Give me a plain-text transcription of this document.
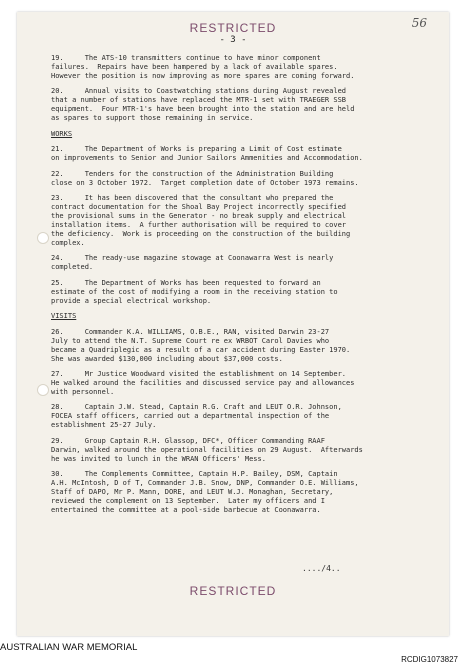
56
RESTRICTED
- 3 -
19.     The ATS-10 transmitters continue to have minor component
failures.  Repairs have been hampered by a lack of available spares.
However the position is now improving as more spares are coming forward.
20.     Annual visits to Coastwatching stations during August revealed
that a number of stations have replaced the MTR-1 set with TRAEGER SSB
equipment.  Four MTR-1's have been brought into the station and are held
as spares to support those remaining in service.
WORKS
21.     The Department of Works is preparing a Limit of Cost estimate
on improvements to Senior and Junior Sailors Ammenities and Accommodation.
22.     Tenders for the construction of the Administration Building
close on 3 October 1972.  Target completion date of October 1973 remains.
23.     It has been discovered that the consultant who prepared the
contract documentation for the Shoal Bay Project incorrectly specified
the provisional sums in the Generator - no break supply and electrical
installation items.  A further authorisation will be required to cover
the deficiency.  Work is proceeding on the construction of the building
complex.
24.     The ready-use magazine stowage at Coonawarra West is nearly
completed.
25.     The Department of Works has been requested to forward an
estimate of the cost of modifying a room in the receiving station to
provide a special electrical workshop.
VISITS
26.     Commander K.A. WILLIAMS, O.B.E., RAN, visited Darwin 23-27
July to attend the N.T. Supreme Court re ex WRBOT Carol Davies who
became a Quadriplegic as a result of a car accident during Easter 1970.
She was awarded $130,000 including about $37,000 costs.
27.     Mr Justice Woodward visited the establishment on 14 September.
He walked around the facilities and discussed service pay and allowances
with personnel.
28.     Captain J.W. Stead, Captain R.G. Craft and LEUT O.R. Johnson,
FOCEA staff officers, carried out a departmental inspection of the
establishment 25-27 July.
29.     Group Captain R.H. Glassop, DFC*, Officer Commanding RAAF
Darwin, walked around the operational facilities on 29 August.  Afterwards
he was invited to lunch in the WRAN Officers' Mess.
30.     The Complements Committee, Captain H.P. Bailey, DSM, Captain
A.H. McIntosh, D of T, Commander J.B. Snow, DNP, Commander O.E. Williams,
Staff of DAPO, Mr P. Mann, DORE, and LEUT W.J. Monaghan, Secretary,
reviewed the complement on 13 September.  Later my officers and I
entertained the committee at a pool-side barbecue at Coonawarra.
..../4..
RESTRICTED
AUSTRALIAN WAR MEMORIAL
RCDIG1073827
